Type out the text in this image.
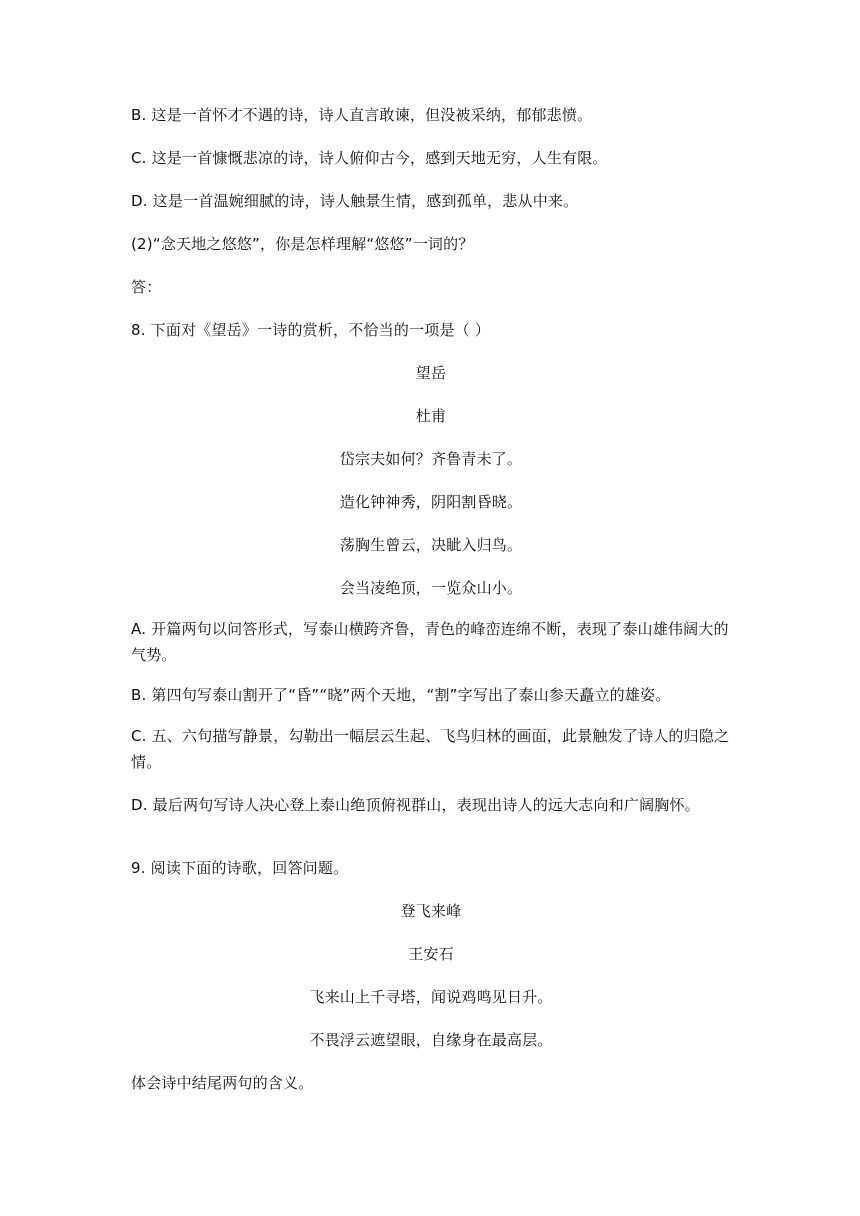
B. 这是一首怀才不遇的诗，诗人直言敢谏，但没被采纳，郁郁悲愤。
C. 这是一首慷慨悲凉的诗，诗人俯仰古今，感到天地无穷，人生有限。
D. 这是一首温婉细腻的诗，诗人触景生情，感到孤单，悲从中来。
(2)“念天地之悠悠”，你是怎样理解“悠悠”一词的？
答：
8. 下面对《望岳》一诗的赏析，不恰当的一项是（ ）
望岳
杜甫
岱宗夫如何？齐鲁青未了。
造化钟神秀，阴阳割昏晓。
荡胸生曾云，决眦入归鸟。
会当凌绝顶，一览众山小。
A. 开篇两句以问答形式，写泰山横跨齐鲁，青色的峰峦连绵不断，表现了泰山雄伟阔大的气势。
B. 第四句写泰山割开了“昏”“晓”两个天地，“割”字写出了泰山参天矗立的雄姿。
C. 五、六句描写静景，勾勒出一幅层云生起、飞鸟归林的画面，此景触发了诗人的归隐之情。
D. 最后两句写诗人决心登上泰山绝顶俯视群山，表现出诗人的远大志向和广阔胸怀。
9. 阅读下面的诗歌，回答问题。
登飞来峰
王安石
飞来山上千寻塔，闻说鸡鸣见日升。
不畏浮云遮望眼，自缘身在最高层。
体会诗中结尾两句的含义。
